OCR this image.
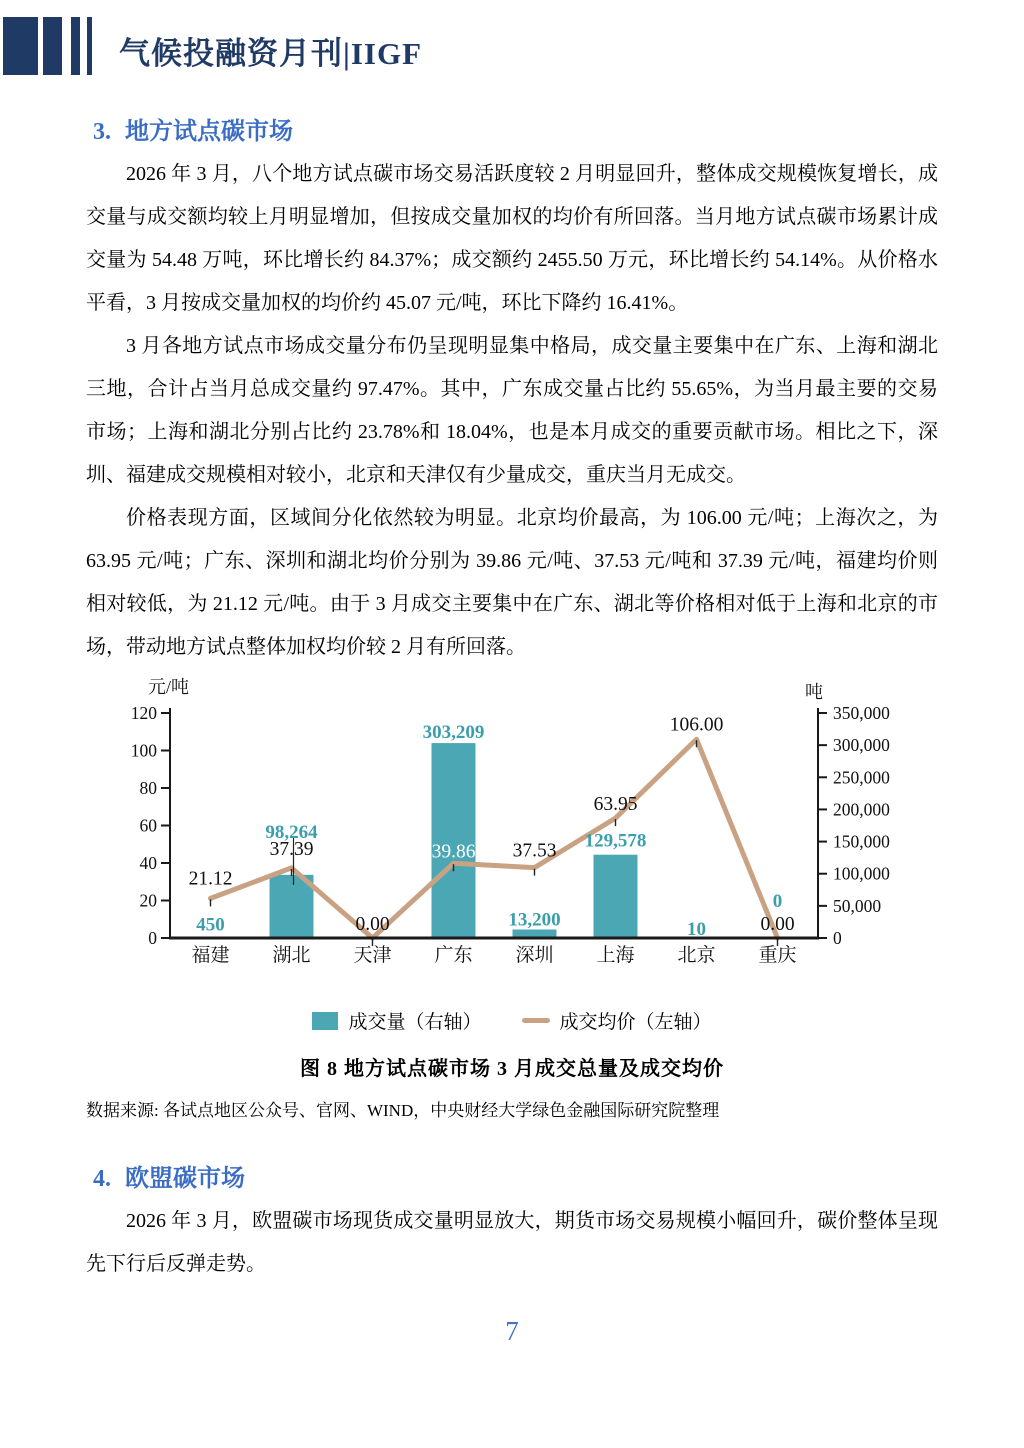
气候投融资月刊|IIGF
3. 地方试点碳市场

2026 年 3 月，八个地方试点碳市场交易活跃度较 2 月明显回升，整体成交规模恢复增长，成交量与成交额均较上月明显增加，但按成交量加权的均价有所回落。当月地方试点碳市场累计成交量为 54.48 万吨，环比增长约 84.37%；成交额约 2455.50 万元，环比增长约 54.14%。从价格水平看，3 月按成交量加权的均价约 45.07 元/吨，环比下降约 16.41%。

3 月各地方试点市场成交量分布仍呈现明显集中格局，成交量主要集中在广东、上海和湖北三地，合计占当月总成交量约 97.47%。其中，广东成交量占比约 55.65%，为当月最主要的交易市场；上海和湖北分别占比约 23.78%和 18.04%，也是本月成交的重要贡献市场。相比之下，深圳、福建成交规模相对较小，北京和天津仅有少量成交，重庆当月无成交。

价格表现方面，区域间分化依然较为明显。北京均价最高，为 106.00 元/吨；上海次之，为 63.95 元/吨；广东、深圳和湖北均价分别为 39.86 元/吨、37.53 元/吨和 37.39 元/吨，福建均价则相对较低，为 21.12 元/吨。由于 3 月成交主要集中在广东、湖北等价格相对低于上海和北京的市场，带动地方试点整体加权均价较 2 月有所回落。

0
20
40
60
80
100
120
0
50,000
100,000
150,000
200,000
250,000
300,000
350,000
元/吨	吨
福建 湖北 天津 广东 深圳 上海 北京 重庆
450
98,264
303,209
13,200
129,578
10
0
21.12
37.39
0.00
39.86 37.53
63.95
106.00
0.00
成交量（右轴）	成交均价（左轴）
图 8 地方试点碳市场 3 月成交总量及成交均价
数据来源: 各试点地区公众号、官网、WIND，中央财经大学绿色金融国际研究院整理
4. 欧盟碳市场

2026 年 3 月，欧盟碳市场现货成交量明显放大，期货市场交易规模小幅回升，碳价整体呈现先下行后反弹走势。

7
